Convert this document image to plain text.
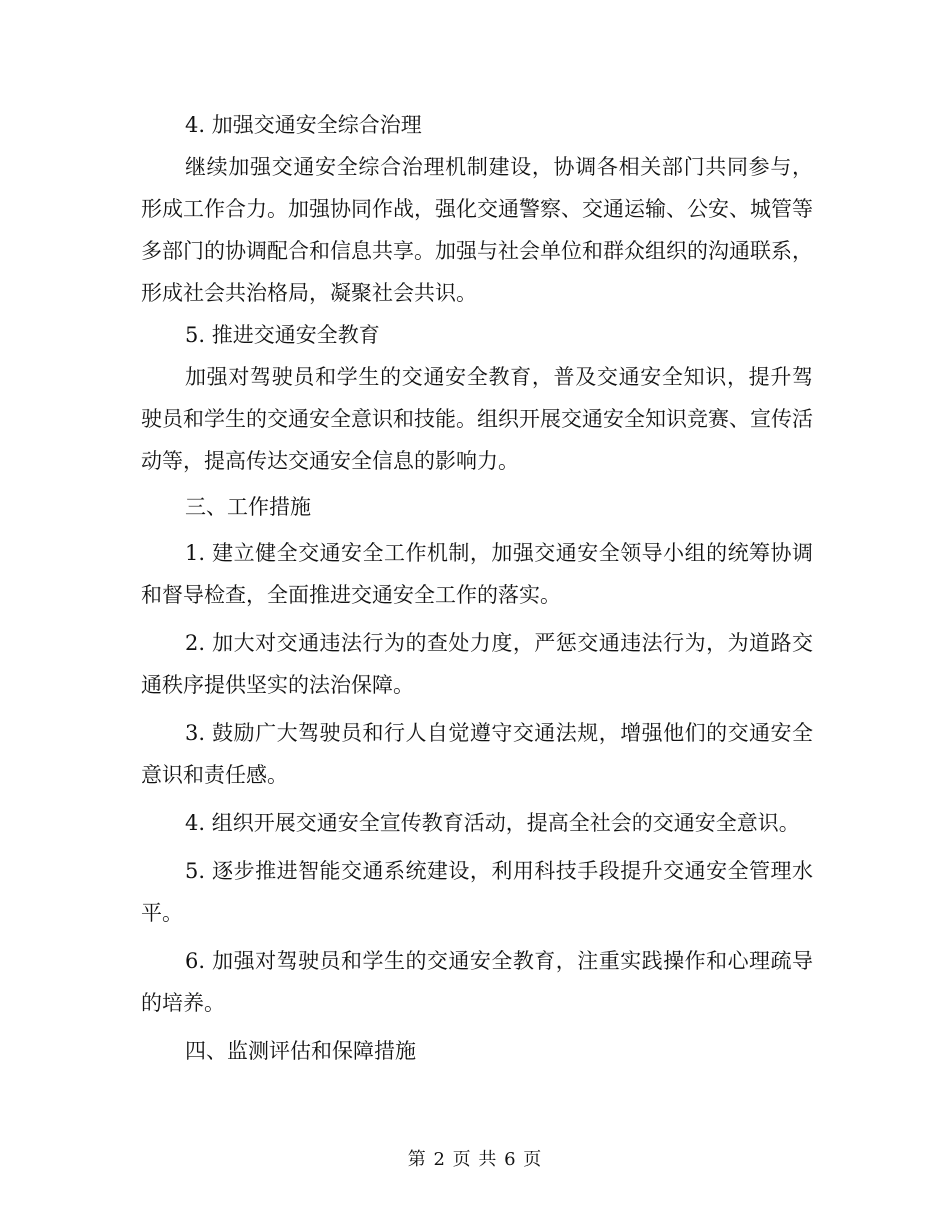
4. 加强交通安全综合治理

继续加强交通安全综合治理机制建设，协调各相关部门共同参与，形成工作合力。加强协同作战，强化交通警察、交通运输、公安、城管等多部门的协调配合和信息共享。加强与社会单位和群众组织的沟通联系，形成社会共治格局，凝聚社会共识。

5. 推进交通安全教育

加强对驾驶员和学生的交通安全教育，普及交通安全知识，提升驾驶员和学生的交通安全意识和技能。组织开展交通安全知识竞赛、宣传活动等，提高传达交通安全信息的影响力。

三、工作措施

1. 建立健全交通安全工作机制，加强交通安全领导小组的统筹协调和督导检查，全面推进交通安全工作的落实。

2. 加大对交通违法行为的查处力度，严惩交通违法行为，为道路交通秩序提供坚实的法治保障。

3. 鼓励广大驾驶员和行人自觉遵守交通法规，增强他们的交通安全意识和责任感。

4. 组织开展交通安全宣传教育活动，提高全社会的交通安全意识。

5. 逐步推进智能交通系统建设，利用科技手段提升交通安全管理水平。

6. 加强对驾驶员和学生的交通安全教育，注重实践操作和心理疏导的培养。

四、监测评估和保障措施

第 2 页 共 6 页
